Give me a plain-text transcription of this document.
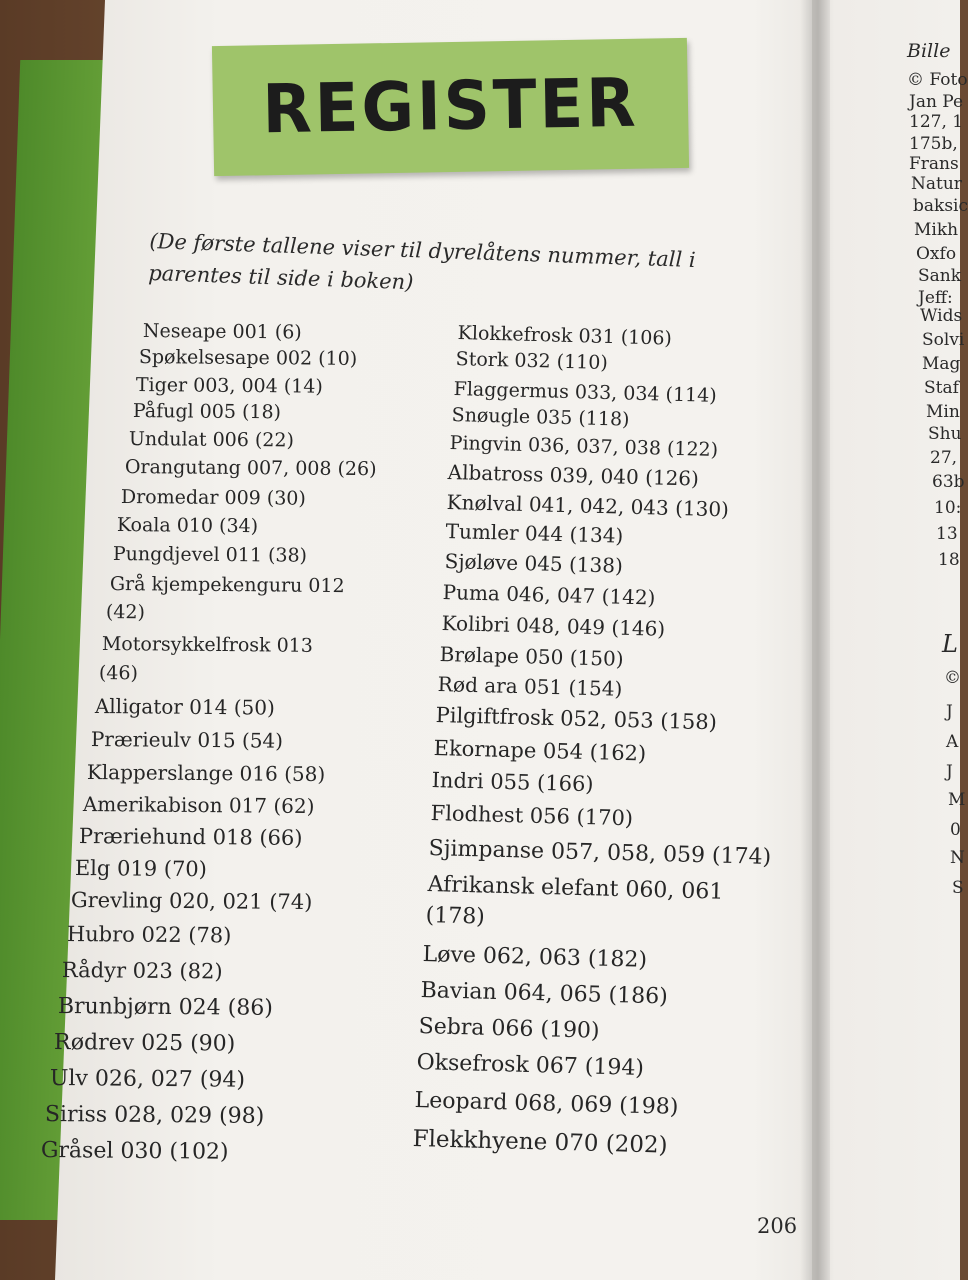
Bille
© Foto
Jan Pe
127, 1
175b,
Frans
Natur
baksic
Mikh
Oxfo
Sank
Jeff:
Wids
Solvi
Mag
Staf
Min
Shu
27,
63b
10:
13
18
L
©
J
A
J
M
0
N
S
REGISTER
(De første tallene viser til dyrelåtens nummer, tall i parentes til side i boken)
Neseape 001 (6)
Spøkelsesape 002 (10)
Tiger 003, 004 (14)
Påfugl 005 (18)
Undulat 006 (22)
Orangutang 007, 008 (26)
Dromedar 009 (30)
Koala 010 (34)
Pungdjevel 011 (38)
Grå kjempekenguru 012
(42)
Motorsykkelfrosk 013
(46)
Alligator 014 (50)
Prærieulv 015 (54)
Klapperslange 016 (58)
Amerikabison 017 (62)
Præriehund 018 (66)
Elg 019 (70)
Grevling 020, 021 (74)
Hubro 022 (78)
Rådyr 023 (82)
Brunbjørn 024 (86)
Rødrev 025 (90)
Ulv 026, 027 (94)
Siriss 028, 029 (98)
Gråsel 030 (102)
Klokkefrosk 031 (106)
Stork 032 (110)
Flaggermus 033, 034 (114)
Snøugle 035 (118)
Pingvin 036, 037, 038 (122)
Albatross 039, 040 (126)
Knølval 041, 042, 043 (130)
Tumler 044 (134)
Sjøløve 045 (138)
Puma 046, 047 (142)
Kolibri 048, 049 (146)
Brølape 050 (150)
Rød ara 051 (154)
Pilgiftfrosk 052, 053 (158)
Ekornape 054 (162)
Indri 055 (166)
Flodhest 056 (170)
Sjimpanse 057, 058, 059 (174)
Afrikansk elefant 060, 061
(178)
Løve 062, 063 (182)
Bavian 064, 065 (186)
Sebra 066 (190)
Oksefrosk 067 (194)
Leopard 068, 069 (198)
Flekkhyene 070 (202)
206
